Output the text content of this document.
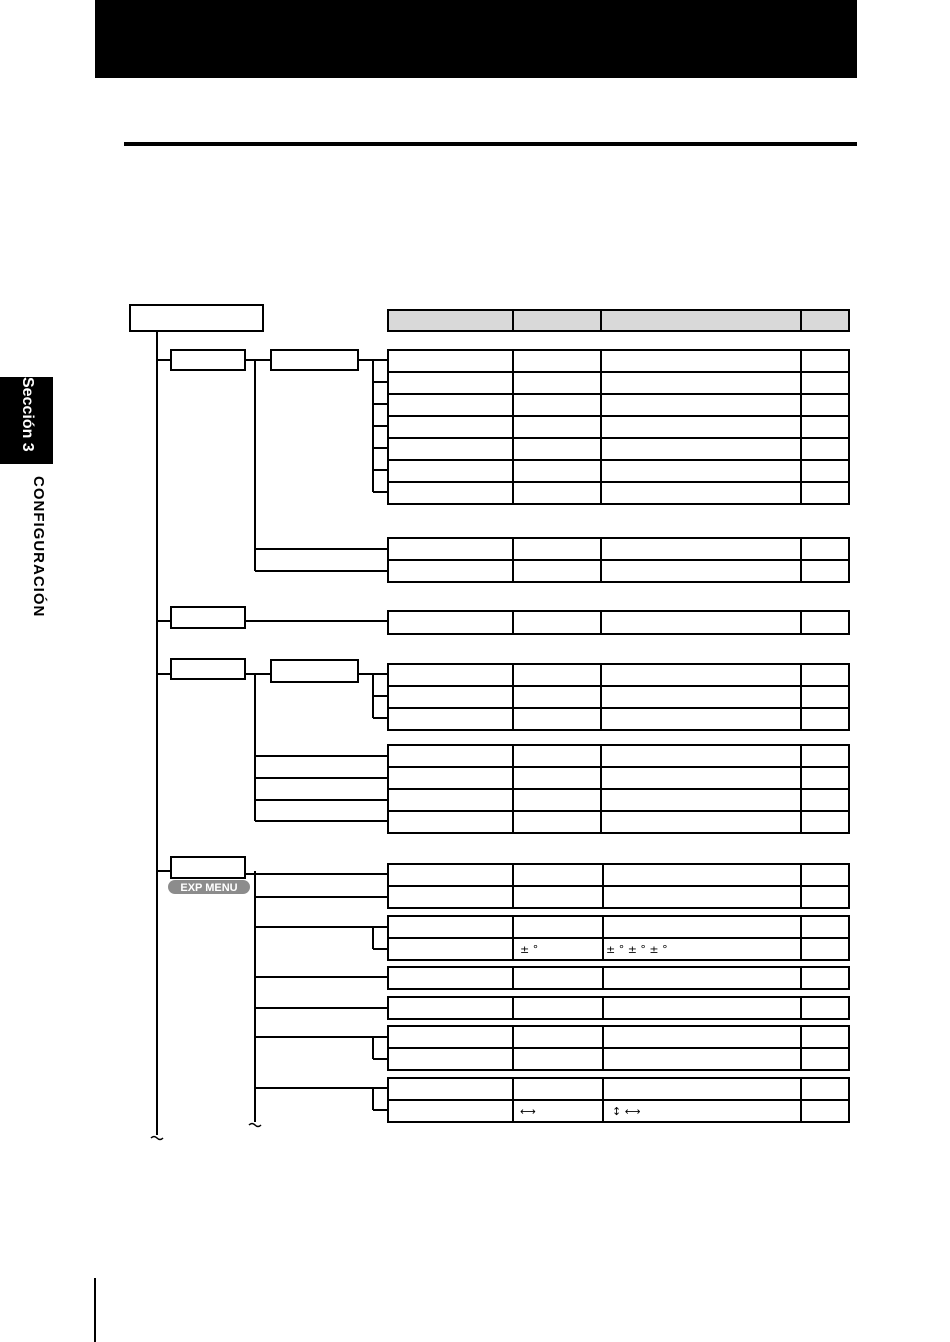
Sección 3
CONFIGURACIÓN
EXP MENU
± °	± ° ± ° ± °
⟷	↕ ⟷
